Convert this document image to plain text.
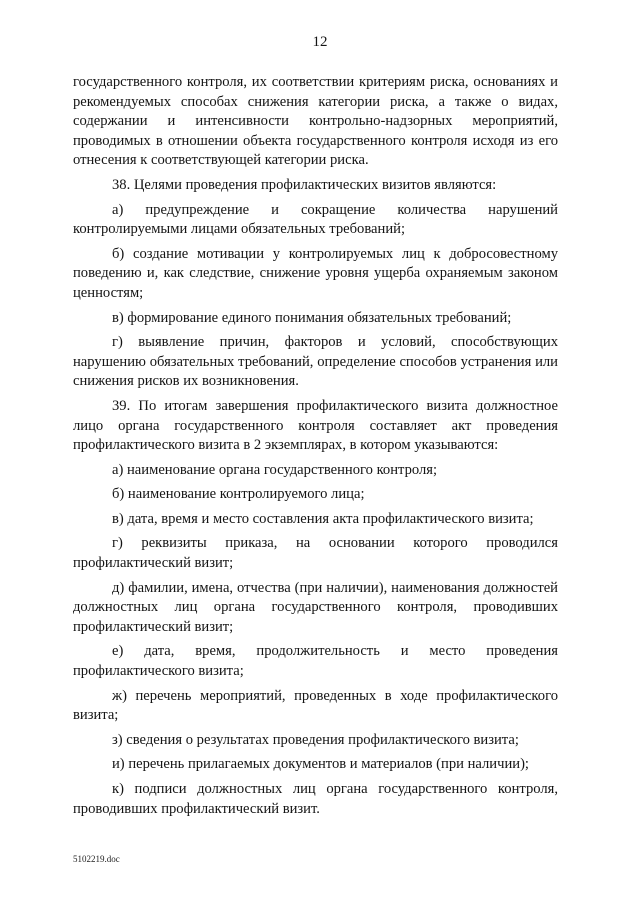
12

государственного контроля, их соответствии критериям риска, основаниях и рекомендуемых способах снижения категории риска, а также о видах, содержании и интенсивности контрольно-надзорных мероприятий, проводимых в отношении объекта государственного контроля исходя из его отнесения к соответствующей категории риска.

38. Целями проведения профилактических визитов являются:

а) предупреждение и сокращение количества нарушений контролируемыми лицами обязательных требований;

б) создание мотивации у контролируемых лиц к добросовестному поведению и, как следствие, снижение уровня ущерба охраняемым законом ценностям;

в) формирование единого понимания обязательных требований;

г) выявление причин, факторов и условий, способствующих нарушению обязательных требований, определение способов устранения или снижения рисков их возникновения.

39. По итогам завершения профилактического визита должностное лицо органа государственного контроля составляет акт проведения профилактического визита в 2 экземплярах, в котором указываются:

а) наименование органа государственного контроля;

б) наименование контролируемого лица;

в) дата, время и место составления акта профилактического визита;

г) реквизиты приказа, на основании которого проводился профилактический визит;

д) фамилии, имена, отчества (при наличии), наименования должностей должностных лиц органа государственного контроля, проводивших профилактический визит;

е) дата, время, продолжительность и место проведения профилактического визита;

ж) перечень мероприятий, проведенных в ходе профилактического визита;

з) сведения о результатах проведения профилактического визита;

и) перечень прилагаемых документов и материалов (при наличии);

к) подписи должностных лиц органа государственного контроля, проводивших профилактический визит.

5102219.doc
